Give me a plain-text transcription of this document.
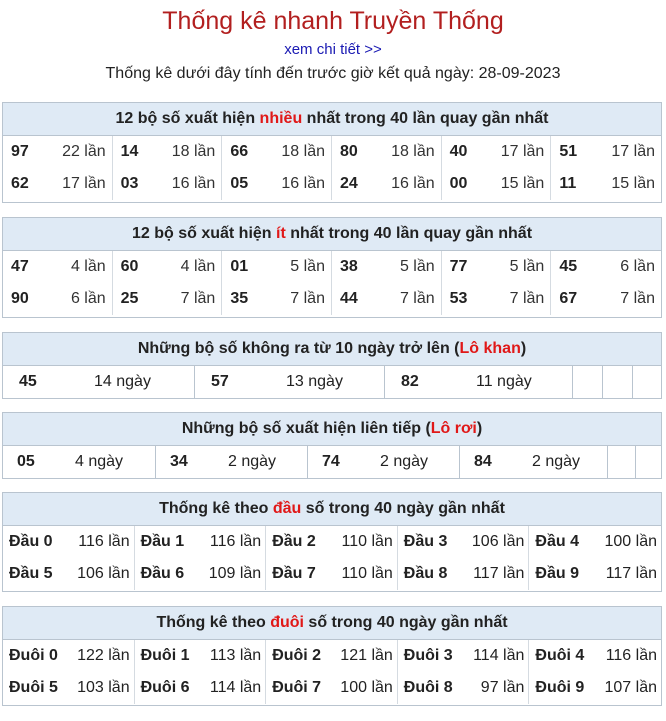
Thống kê nhanh Truyền Thống
xem chi tiết >>
Thống kê dưới đây tính đến trước giờ kết quả ngày: 28-09-2023
12 bộ số xuất hiện nhiều nhất trong 40 lần quay gần nhất
97 22 lần 14 18 lần 66 18 lần 80 18 lần 40 17 lần 51 17 lần
62 17 lần 03 16 lần 05 16 lần 24 16 lần 00 15 lần 11 15 lần
12 bộ số xuất hiện ít nhất trong 40 lần quay gần nhất
47	4 lần 60	4 lần 01	5 lần 38	5 lần 77	5 lần 45	6 lần
90	6 lần 25	7 lần 35	7 lần 44	7 lần 53	7 lần 67	7 lần
Những bộ số không ra từ 10 ngày trở lên (Lô khan)
45	14 ngày	57	13 ngày	82	11 ngày
Những bộ số xuất hiện liên tiếp (Lô rơi)
05	4 ngày	34	2 ngày	74	2 ngày	84	2 ngày
Thống kê theo đầu số trong 40 ngày gần nhất
Đầu 0 116 lần Đầu 1 116 lần Đầu 2 110 lần Đầu 3 106 lần Đầu 4 100 lần
Đầu 5 106 lần Đầu 6 109 lần Đầu 7 110 lần Đầu 8 117 lần Đầu 9 117 lần
Thống kê theo đuôi số trong 40 ngày gần nhất
Đuôi 0 122 lần Đuôi 1 113 lần Đuôi 2 121 lần Đuôi 3 114 lần Đuôi 4 116 lần
Đuôi 5 103 lần Đuôi 6 114 lần Đuôi 7 100 lần Đuôi 8 97 lần Đuôi 9 107 lần
